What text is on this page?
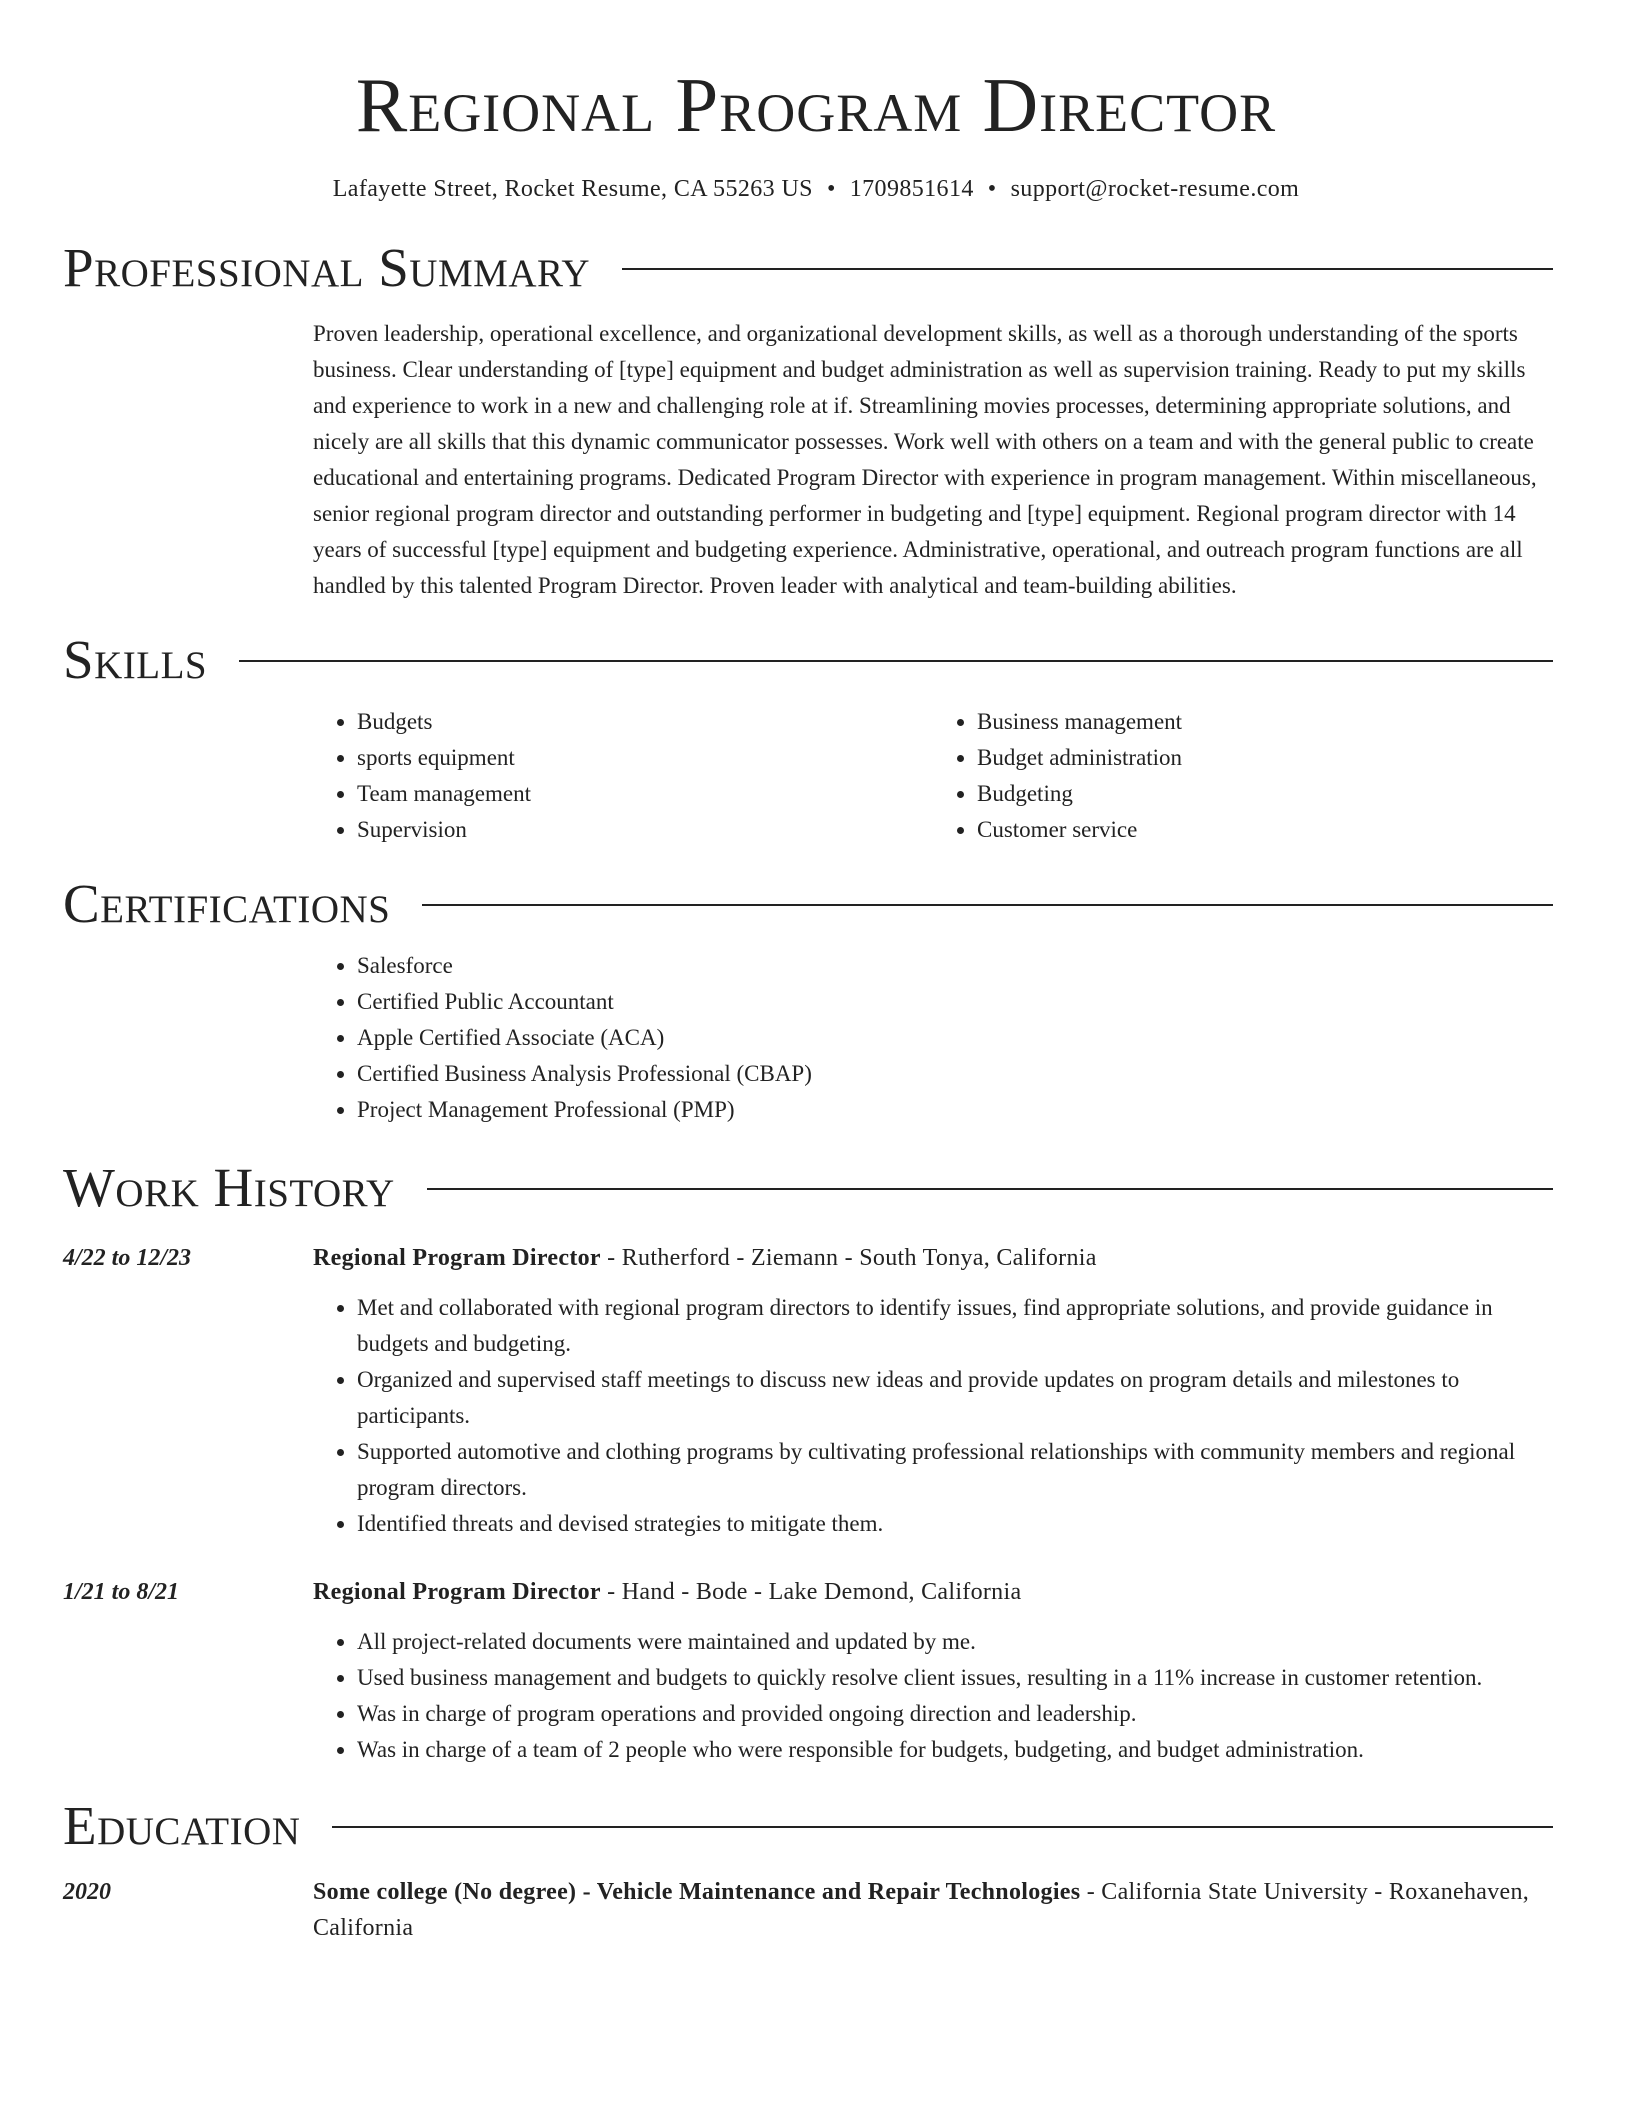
Regional Program Director
Lafayette Street, Rocket Resume, CA 55263 US • 1709851614 • support@rocket-resume.com
Professional Summary
Proven leadership, operational excellence, and organizational development skills, as well as a thorough understanding of the sports business. Clear understanding of [type] equipment and budget administration as well as supervision training. Ready to put my skills and experience to work in a new and challenging role at if. Streamlining movies processes, determining appropriate solutions, and nicely are all skills that this dynamic communicator possesses. Work well with others on a team and with the general public to create educational and entertaining programs. Dedicated Program Director with experience in program management. Within miscellaneous, senior regional program director and outstanding performer in budgeting and [type] equipment. Regional program director with 14 years of successful [type] equipment and budgeting experience. Administrative, operational, and outreach program functions are all handled by this talented Program Director. Proven leader with analytical and team-building abilities.
Skills
• Budgets
• sports equipment
• Team management
• Supervision
• Business management
• Budget administration
• Budgeting
• Customer service
Certifications
• Salesforce
• Certified Public Accountant
• Apple Certified Associate (ACA)
• Certified Business Analysis Professional (CBAP)
• Project Management Professional (PMP)
Work History
4/22 to 12/23	Regional Program Director - Rutherford - Ziemann - South Tonya, California
• Met and collaborated with regional program directors to identify issues, find appropriate solutions, and provide guidance in budgets and budgeting.
• Organized and supervised staff meetings to discuss new ideas and provide updates on program details and milestones to participants.
• Supported automotive and clothing programs by cultivating professional relationships with community members and regional program directors.
• Identified threats and devised strategies to mitigate them.
1/21 to 8/21	Regional Program Director - Hand - Bode - Lake Demond, California
• All project-related documents were maintained and updated by me.
• Used business management and budgets to quickly resolve client issues, resulting in a 11% increase in customer retention.
• Was in charge of program operations and provided ongoing direction and leadership.
• Was in charge of a team of 2 people who were responsible for budgets, budgeting, and budget administration.
Education
2020	Some college (No degree) - Vehicle Maintenance and Repair Technologies - California State University - Roxanehaven, California
